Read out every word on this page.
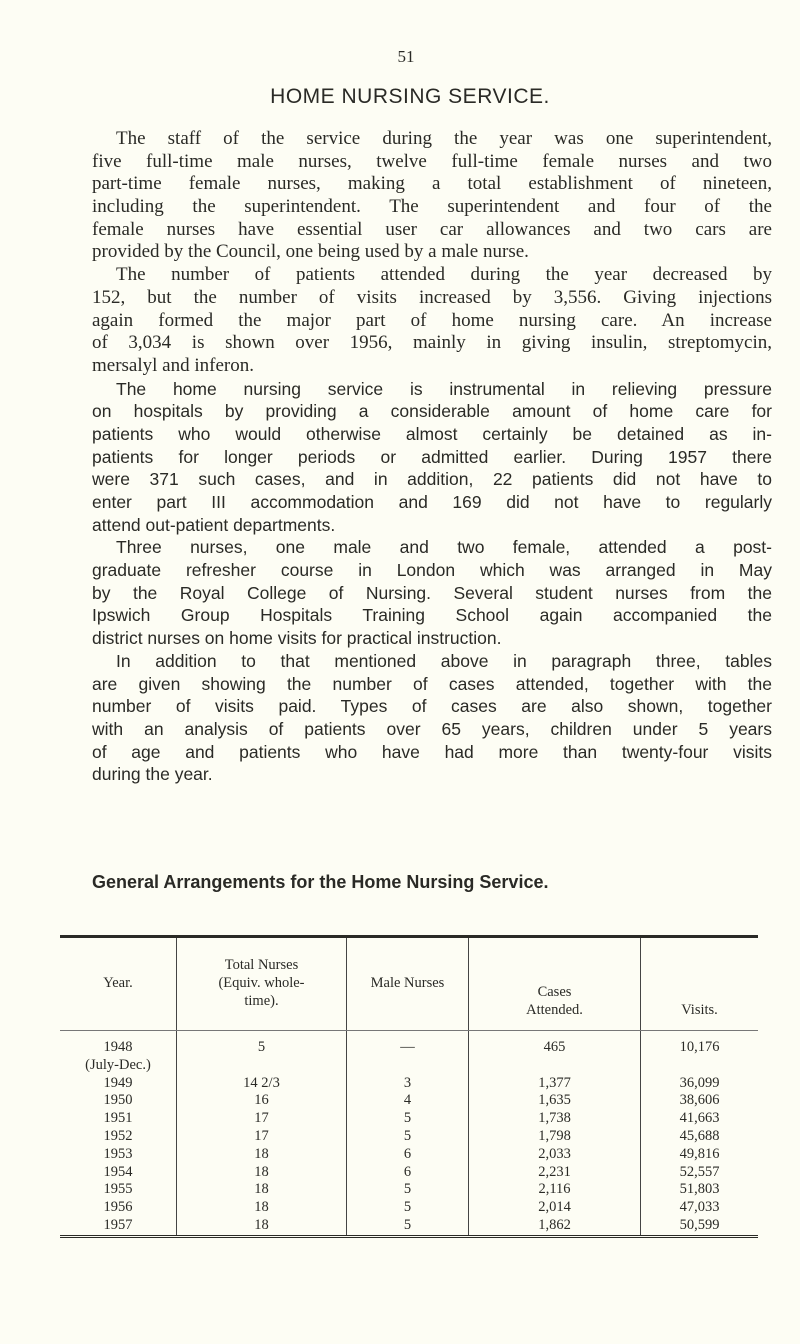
51
HOME NURSING SERVICE.
The staff of the service during the year was one superintendent,
five full-time male nurses, twelve full-time female nurses and two
part-time female nurses, making a total establishment of nineteen,
including the superintendent. The superintendent and four of the
female nurses have essential user car allowances and two cars are
provided by the Council, one being used by a male nurse.
The number of patients attended during the year decreased by
152, but the number of visits increased by 3,556. Giving injections
again formed the major part of home nursing care. An increase
of 3,034 is shown over 1956, mainly in giving insulin, streptomycin,
mersalyl and inferon.
The home nursing service is instrumental in relieving pressure
on hospitals by providing a considerable amount of home care for
patients who would otherwise almost certainly be detained as in-
patients for longer periods or admitted earlier. During 1957 there
were 371 such cases, and in addition, 22 patients did not have to
enter part III accommodation and 169 did not have to regularly
attend out-patient departments.
Three nurses, one male and two female, attended a post-
graduate refresher course in London which was arranged in May
by the Royal College of Nursing. Several student nurses from the
Ipswich Group Hospitals Training School again accompanied the
district nurses on home visits for practical instruction.
In addition to that mentioned above in paragraph three, tables
are given showing the number of cases attended, together with the
number of visits paid. Types of cases are also shown, together
with an analysis of patients over 65 years, children under 5 years
of age and patients who have had more than twenty-four visits
during the year.
General Arrangements for the Home Nursing Service.
Year.	Total Nurses
(Equiv. whole-
time).	Male Nurses	Cases
Attended.	Visits.
1948
(July-Dec.)	5	—	465	10,176
1949	14 2/3	3	1,377	36,099
1950	16	4	1,635	38,606
1951	17	5	1,738	41,663
1952	17	5	1,798	45,688
1953	18	6	2,033	49,816
1954	18	6	2,231	52,557
1955	18	5	2,116	51,803
1956	18	5	2,014	47,033
1957	18	5	1,862	50,599
